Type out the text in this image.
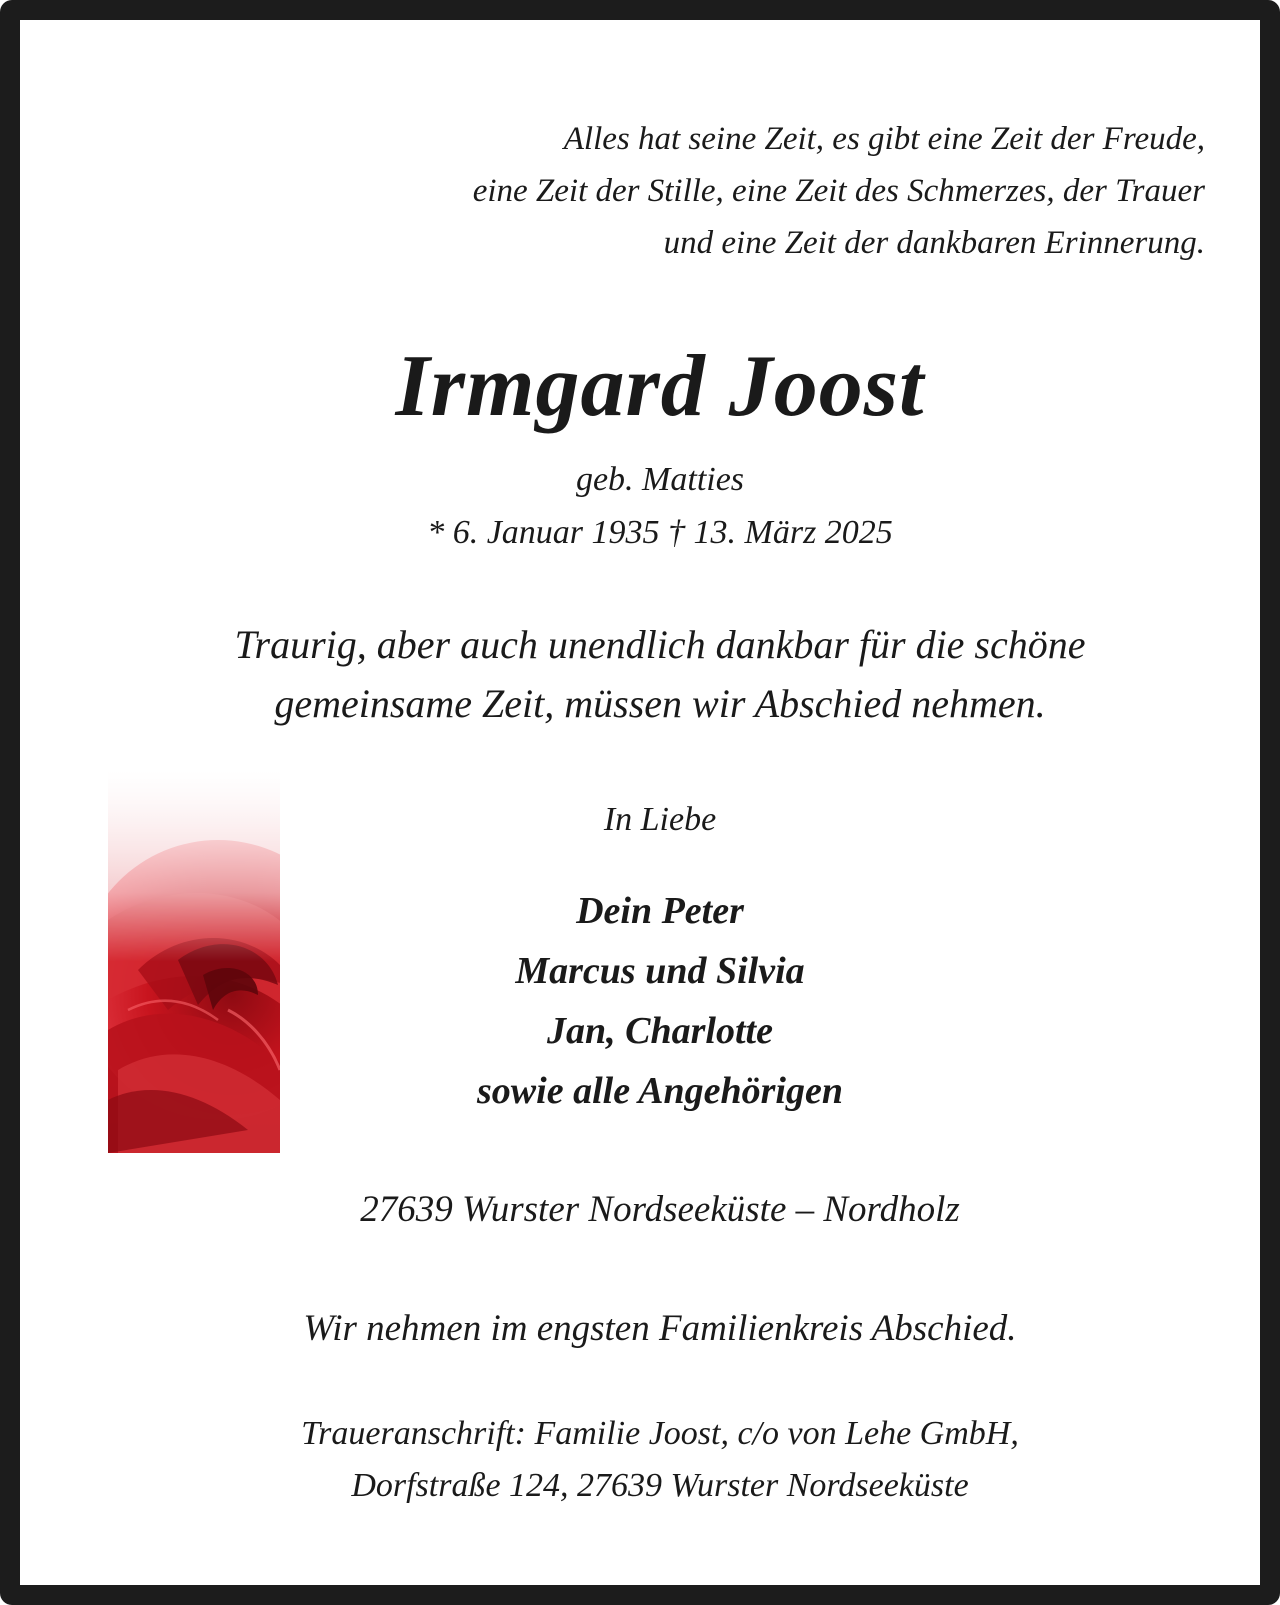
Alles hat seine Zeit, es gibt eine Zeit der Freude,

eine Zeit der Stille, eine Zeit des Schmerzes, der Trauer

und eine Zeit der dankbaren Erinnerung.

Irmgard Joost

geb. Matties

* 6. Januar 1935 † 13. März 2025

Traurig, aber auch unendlich dankbar für die schöne

gemeinsame Zeit, müssen wir Abschied nehmen.

In Liebe

Dein Peter

Marcus und Silvia

Jan, Charlotte

sowie alle Angehörigen

27639 Wurster Nordseeküste – Nordholz

Wir nehmen im engsten Familienkreis Abschied.

Traueranschrift: Familie Joost, c/o von Lehe GmbH,

Dorfstraße 124, 27639 Wurster Nordseeküste
